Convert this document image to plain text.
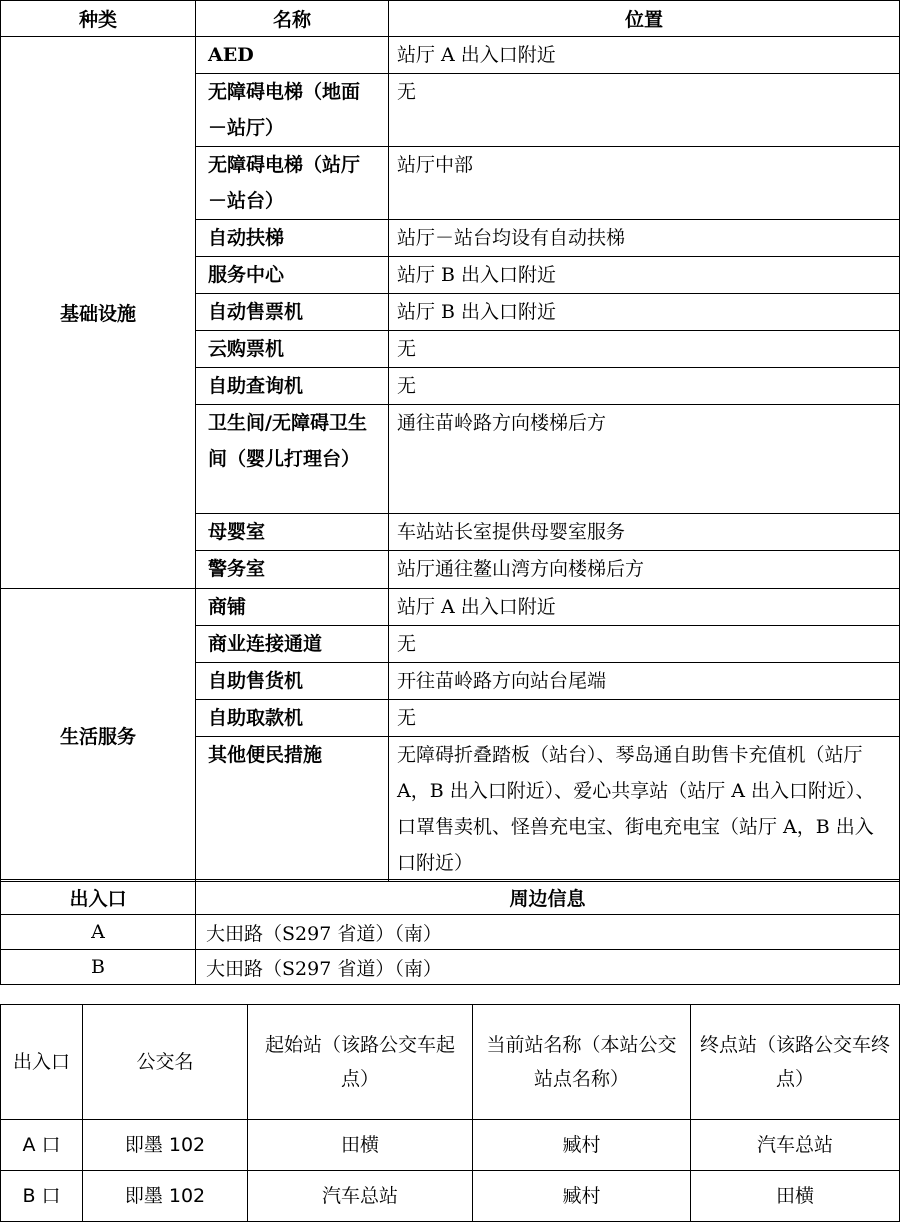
种类	名称	位置
基础设施	AED	站厅 A 出入口附近
	无障碍电梯（地面－站厅）	无
	无障碍电梯（站厅－站台）	站厅中部
	自动扶梯	站厅－站台均设有自动扶梯
	服务中心	站厅 B 出入口附近
	自动售票机	站厅 B 出入口附近
	云购票机	无
	自助查询机	无
	卫生间/无障碍卫生间（婴儿打理台）	通往苗岭路方向楼梯后方
	母婴室	车站站长室提供母婴室服务
	警务室	站厅通往鳌山湾方向楼梯后方
生活服务	商铺	站厅 A 出入口附近
	商业连接通道	无
	自助售货机	开往苗岭路方向站台尾端
	自助取款机	无
	其他便民措施	无障碍折叠踏板（站台）、琴岛通自助售卡充值机（站厅 A，B 出入口附近）、爱心共享站（站厅 A 出入口附近）、口罩售卖机、怪兽充电宝、街电充电宝（站厅 A，B 出入口附近）
出入口	周边信息
A	大田路（S297 省道）（南）
B	大田路（S297 省道）（南）
出入口	公交名	起始站（该路公交车起点）	当前站名称（本站公交站点名称）	终点站（该路公交车终点）
A 口	即墨 102	田横	臧村	汽车总站
B 口	即墨 102	汽车总站	臧村	田横
